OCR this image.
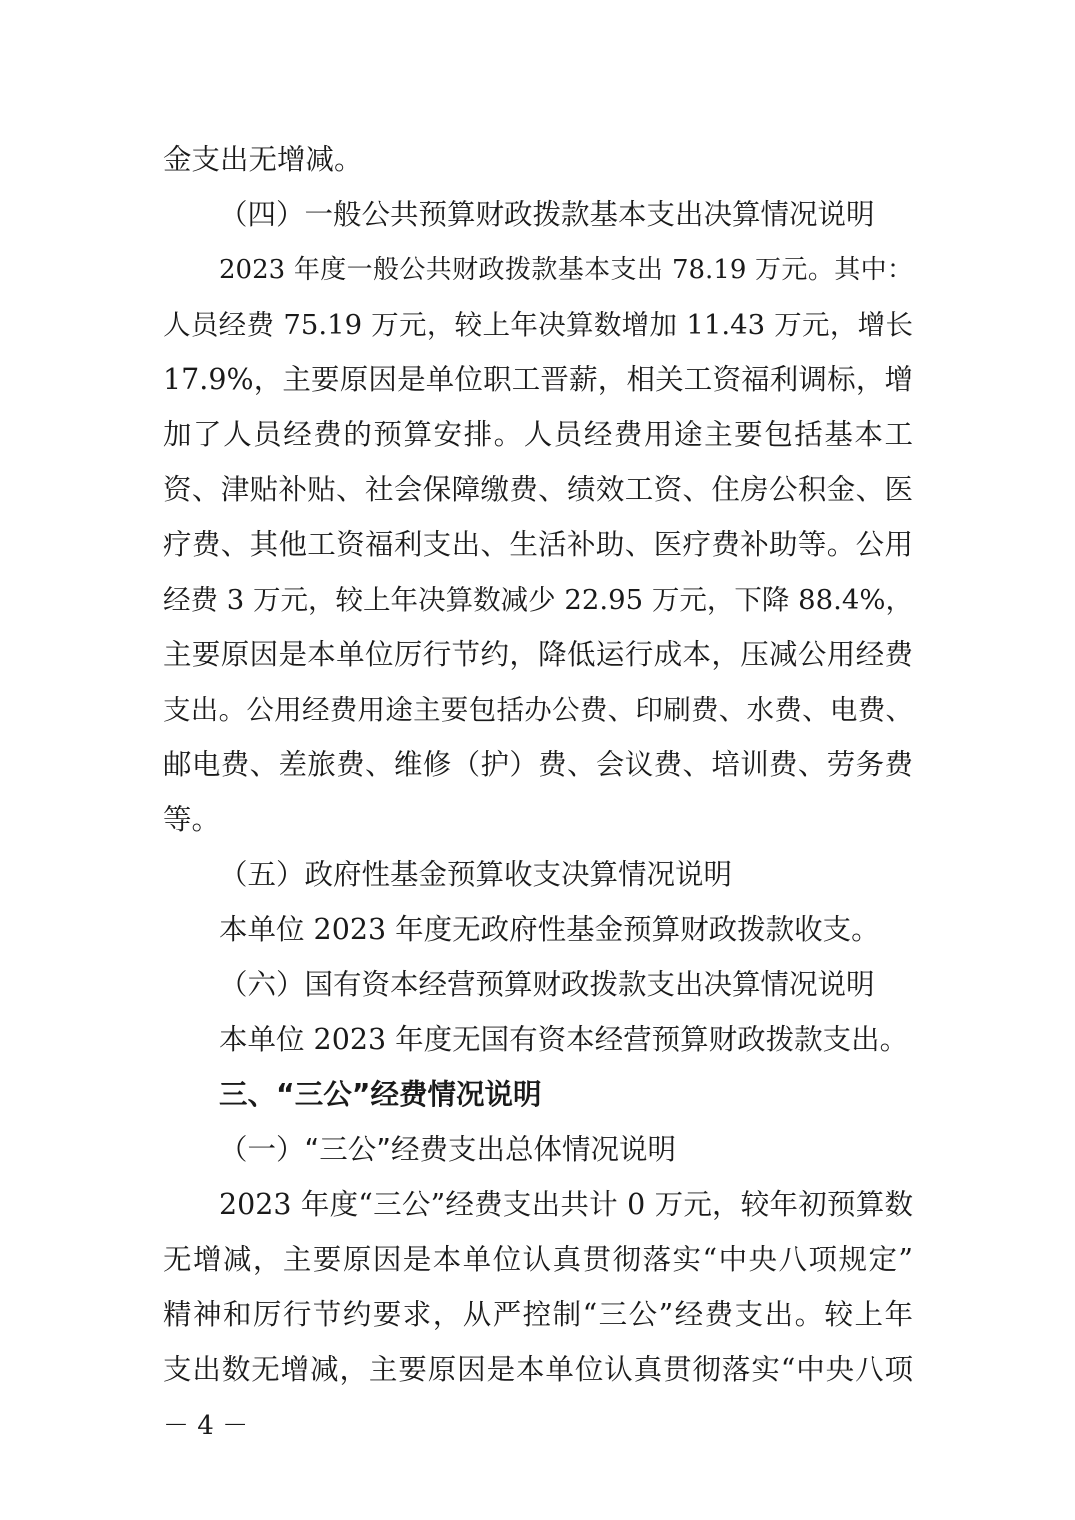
金支出无增减。
（四）一般公共预算财政拨款基本支出决算情况说明
2023 年度一般公共财政拨款基本支出 78.19 万元。其中：
人员经费 75.19 万元，较上年决算数增加 11.43 万元，增长
17.9%，主要原因是单位职工晋薪，相关工资福利调标，增
加了人员经费的预算安排。人员经费用途主要包括基本工
资、津贴补贴、社会保障缴费、绩效工资、住房公积金、医
疗费、其他工资福利支出、生活补助、医疗费补助等。公用
经费 3 万元，较上年决算数减少 22.95 万元，下降 88.4%，
主要原因是本单位厉行节约，降低运行成本，压减公用经费
支出。公用经费用途主要包括办公费、印刷费、水费、电费、
邮电费、差旅费、维修（护）费、会议费、培训费、劳务费
等。
（五）政府性基金预算收支决算情况说明
本单位 2023 年度无政府性基金预算财政拨款收支。
（六）国有资本经营预算财政拨款支出决算情况说明
本单位 2023 年度无国有资本经营预算财政拨款支出。
三、“三公”经费情况说明
（一）“三公”经费支出总体情况说明
2023 年度“三公”经费支出共计 0 万元，较年初预算数
无增减，主要原因是本单位认真贯彻落实“中央八项规定”
精神和厉行节约要求，从严控制“三公”经费支出。较上年
支出数无增减，主要原因是本单位认真贯彻落实“中央八项
－ 4 －
